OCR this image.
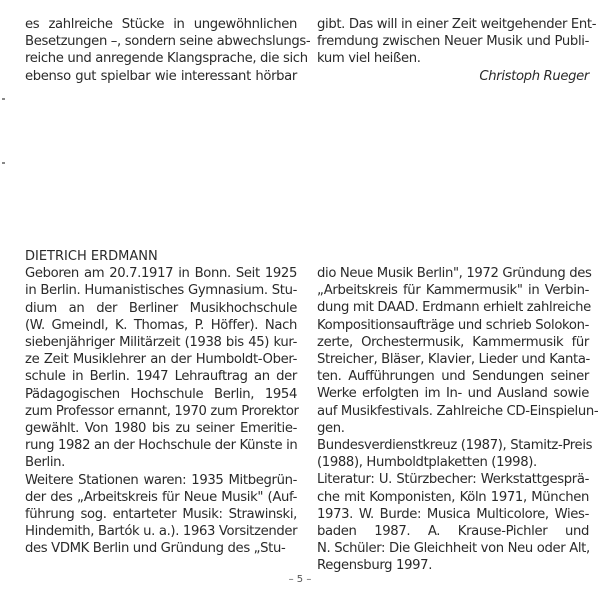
es zahlreiche Stücke in ungewöhnlichen
Besetzungen –, sondern seine abwechslungs-
reiche und anregende Klangsprache, die sich
ebenso gut spielbar wie interessant hörbar
gibt. Das will in einer Zeit weitgehender Ent-
fremdung zwischen Neuer Musik und Publi-
kum viel heißen.
Christoph Rueger
DIETRICH ERDMANN
Geboren am 20.7.1917 in Bonn. Seit 1925
in Berlin. Humanistisches Gymnasium. Stu-
dium an der Berliner Musikhochschule
(W. Gmeindl, K. Thomas, P. Höffer). Nach
siebenjähriger Militärzeit (1938 bis 45) kur-
ze Zeit Musiklehrer an der Humboldt-Ober-
schule in Berlin. 1947 Lehrauftrag an der
Pädagogischen Hochschule Berlin, 1954
zum Professor ernannt, 1970 zum Prorektor
gewählt. Von 1980 bis zu seiner Emeritie-
rung 1982 an der Hochschule der Künste in
Berlin.
Weitere Stationen waren: 1935 Mitbegrün-
der des „Arbeitskreis für Neue Musik" (Auf-
führung sog. entarteter Musik: Strawinski,
Hindemith, Bartók u. a.). 1963 Vorsitzender
des VDMK Berlin und Gründung des „Stu-
dio Neue Musik Berlin", 1972 Gründung des
„Arbeitskreis für Kammermusik" in Verbin-
dung mit DAAD. Erdmann erhielt zahlreiche
Kompositionsaufträge und schrieb Solokon-
zerte, Orchestermusik, Kammermusik für
Streicher, Bläser, Klavier, Lieder und Kanta-
ten. Aufführungen und Sendungen seiner
Werke erfolgten im In- und Ausland sowie
auf Musikfestivals. Zahlreiche CD-Einspielun-
gen.
Bundesverdienstkreuz (1987), Stamitz-Preis
(1988), Humboldtplaketten (1998).
Literatur: U. Stürzbecher: Werkstattgesprä-
che mit Komponisten, Köln 1971, München
1973. W. Burde: Musica Multicolore, Wies-
baden 1987. A. Krause-Pichler und
N. Schüler: Die Gleichheit von Neu oder Alt,
Regensburg 1997.
– 5 –
